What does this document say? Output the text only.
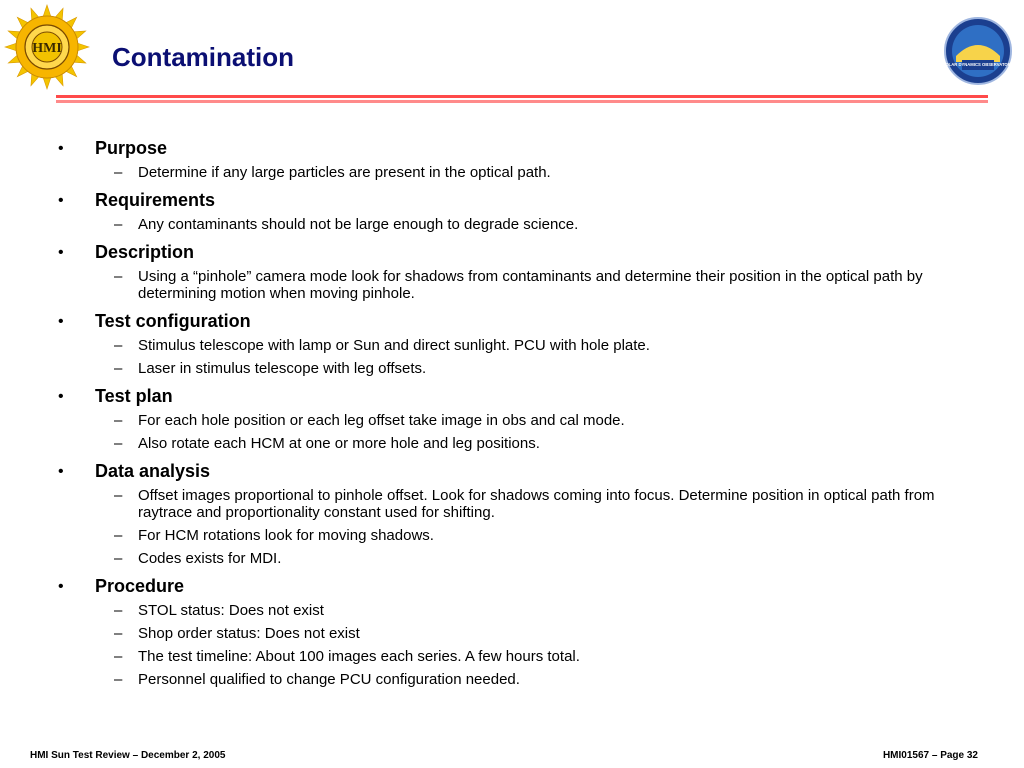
HMI
SOLAR DYNAMICS OBSERVATORY
Contamination
• Purpose
– Determine if any large particles are present in the optical path.
• Requirements
– Any contaminants should not be large enough to degrade science.
• Description
– Using a “pinhole” camera mode look for shadows from contaminants and determine their position in the optical path by determining motion when moving pinhole.
• Test configuration
– Stimulus telescope with lamp or Sun and direct sunlight. PCU with hole plate.
– Laser in stimulus telescope with leg offsets.
• Test plan
– For each hole position or each leg offset take image in obs and cal mode.
– Also rotate each HCM at one or more hole and leg positions.
• Data analysis
– Offset images proportional to pinhole offset. Look for shadows coming into focus. Determine position in optical path from raytrace and proportionality constant used for shifting.
– For HCM rotations look for moving shadows.
– Codes exists for MDI.
• Procedure
– STOL status: Does not exist
– Shop order status: Does not exist
– The test timeline: About 100 images each series. A few hours total.
– Personnel qualified to change PCU configuration needed.
HMI Sun Test Review – December 2, 2005	HMI01567 – Page 32
